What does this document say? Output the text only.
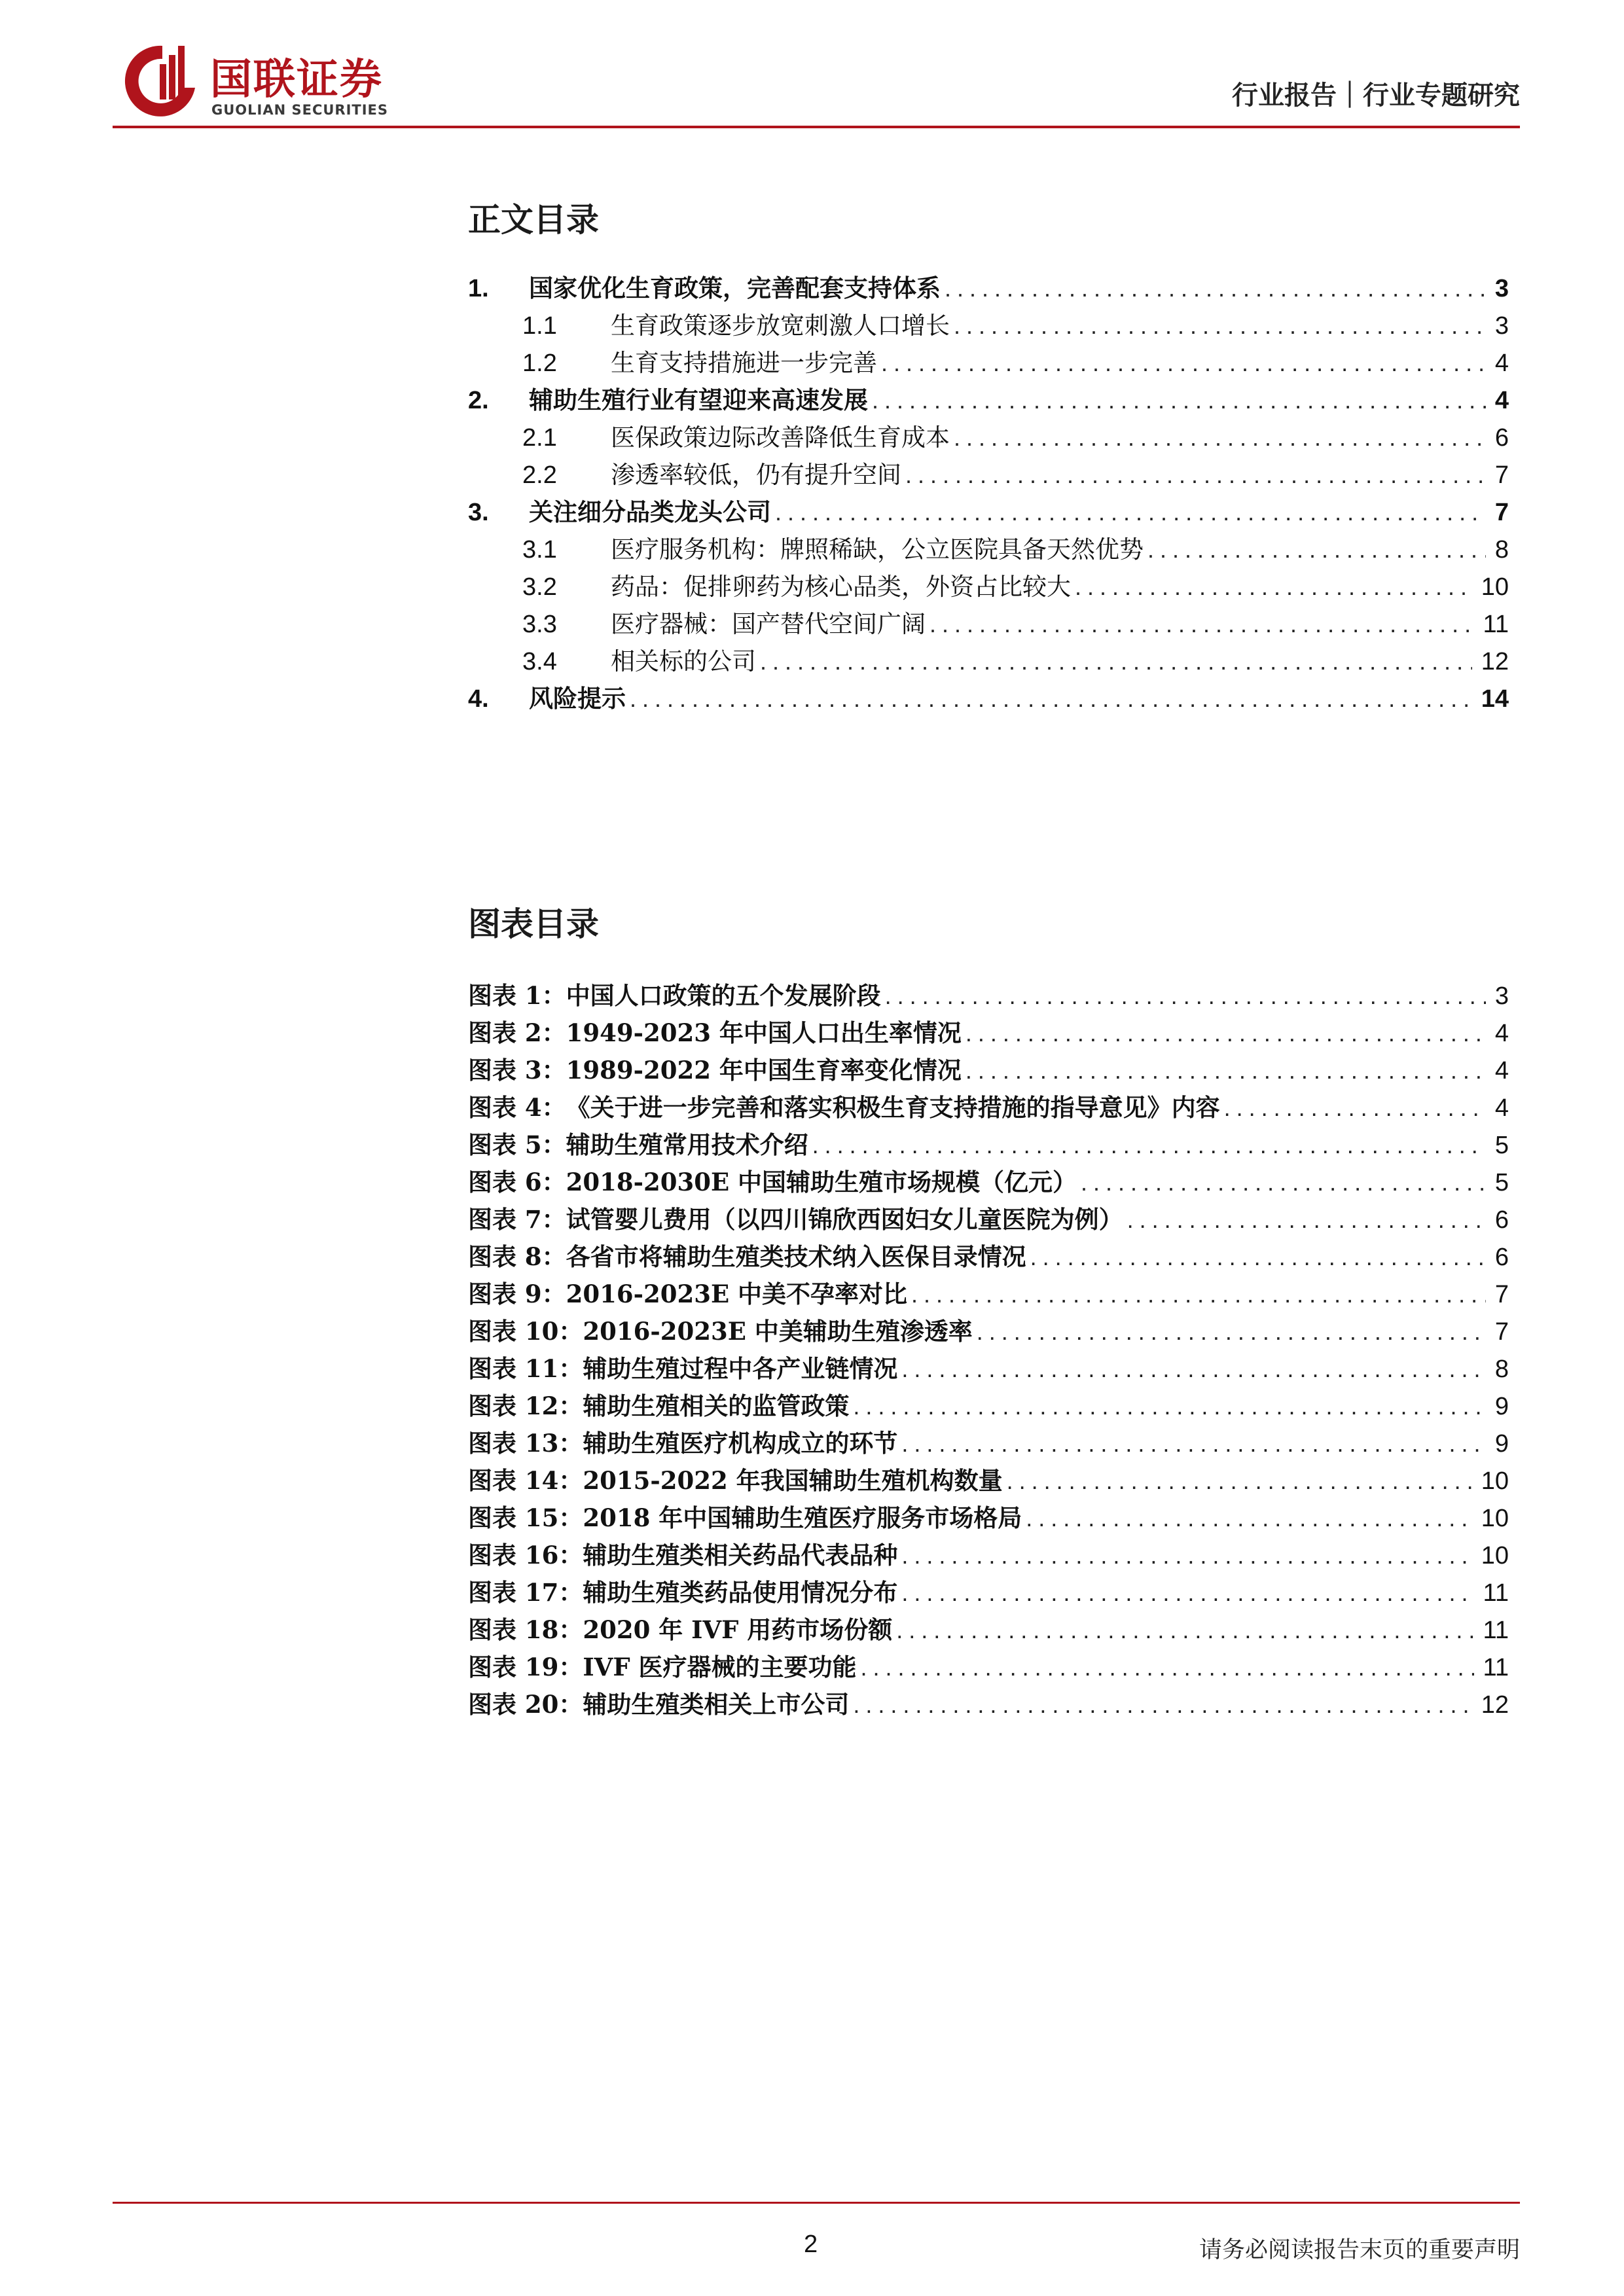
国联证券
GUOLIAN SECURITIES	行业报告｜行业专题研究
正文目录
1.	国家优化生育政策，完善配套支持体系 .....	3
1.1	生育政策逐步放宽刺激人口增长 .....	3
1.2	生育支持措施进一步完善 .....	4
2.	辅助生殖行业有望迎来高速发展 .....	4
2.1	医保政策边际改善降低生育成本 .....	6
2.2	渗透率较低，仍有提升空间 .....	7
3.	关注细分品类龙头公司 .....	7
3.1	医疗服务机构：牌照稀缺，公立医院具备天然优势 .....	8
3.2	药品：促排卵药为核心品类，外资占比较大 .....	10
3.3	医疗器械：国产替代空间广阔 .....	11
3.4	相关标的公司 .....	12
4.	风险提示 .....	14
图表目录
图表 1： 中国人口政策的五个发展阶段 .....	3
图表 2： 1949-2023 年中国人口出生率情况 .....	4
图表 3： 1989-2022 年中国生育率变化情况 .....	4
图表 4： 《关于进一步完善和落实积极生育支持措施的指导意见》内容 .....	4
图表 5： 辅助生殖常用技术介绍 .....	5
图表 6： 2018-2030E 中国辅助生殖市场规模（亿元） .....	5
图表 7： 试管婴儿费用（以四川锦欣西囡妇女儿童医院为例） .....	6
图表 8： 各省市将辅助生殖类技术纳入医保目录情况 .....	6
图表 9： 2016-2023E 中美不孕率对比 .....	7
图表 10： 2016-2023E 中美辅助生殖渗透率 .....	7
图表 11： 辅助生殖过程中各产业链情况 .....	8
图表 12： 辅助生殖相关的监管政策 .....	9
图表 13： 辅助生殖医疗机构成立的环节 .....	9
图表 14： 2015-2022 年我国辅助生殖机构数量 .....	10
图表 15： 2018 年中国辅助生殖医疗服务市场格局 .....	10
图表 16： 辅助生殖类相关药品代表品种 .....	10
图表 17： 辅助生殖类药品使用情况分布 .....	11
图表 18： 2020 年 IVF 用药市场份额 .....	11
图表 19： IVF 医疗器械的主要功能 .....	11
图表 20： 辅助生殖类相关上市公司 .....	12
2	请务必阅读报告末页的重要声明
